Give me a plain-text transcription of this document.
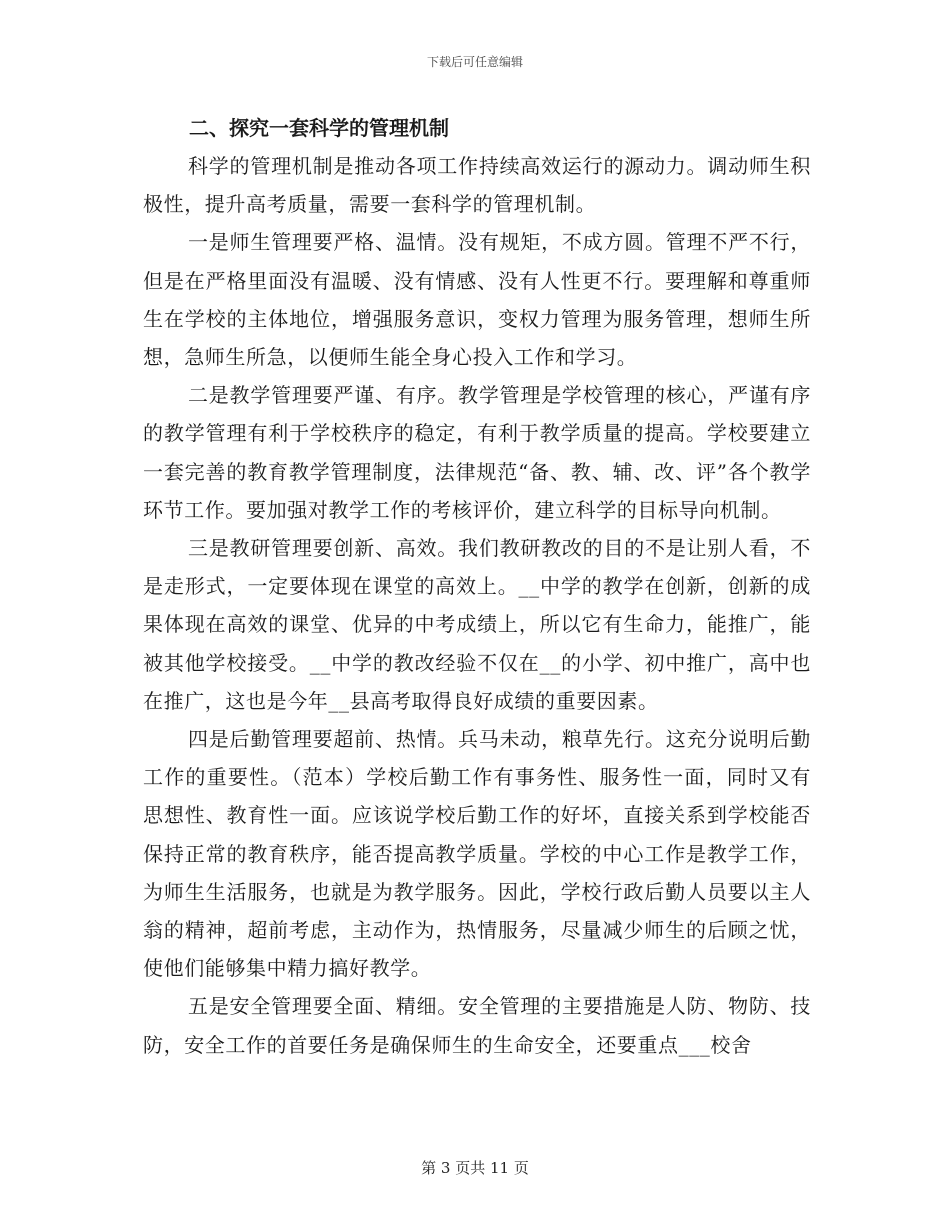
下载后可任意编辑
二、探究一套科学的管理机制

科学的管理机制是推动各项工作持续高效运行的源动力。调动师生积极性，提升高考质量，需要一套科学的管理机制。

一是师生管理要严格、温情。没有规矩，不成方圆。管理不严不行，但是在严格里面没有温暖、没有情感、没有人性更不行。要理解和尊重师生在学校的主体地位，增强服务意识，变权力管理为服务管理，想师生所想，急师生所急，以便师生能全身心投入工作和学习。

二是教学管理要严谨、有序。教学管理是学校管理的核心，严谨有序的教学管理有利于学校秩序的稳定，有利于教学质量的提高。学校要建立一套完善的教育教学管理制度，法律规范“备、教、辅、改、评”各个教学环节工作。要加强对教学工作的考核评价，建立科学的目标导向机制。

三是教研管理要创新、高效。我们教研教改的目的不是让别人看，不是走形式，一定要体现在课堂的高效上。__中学的教学在创新，创新的成果体现在高效的课堂、优异的中考成绩上，所以它有生命力，能推广，能被其他学校接受。__中学的教改经验不仅在__的小学、初中推广，高中也在推广，这也是今年__县高考取得良好成绩的重要因素。

四是后勤管理要超前、热情。兵马未动，粮草先行。这充分说明后勤工作的重要性。（范本）学校后勤工作有事务性、服务性一面，同时又有思想性、教育性一面。应该说学校后勤工作的好坏，直接关系到学校能否保持正常的教育秩序，能否提高教学质量。学校的中心工作是教学工作，为师生生活服务，也就是为教学服务。因此，学校行政后勤人员要以主人翁的精神，超前考虑，主动作为，热情服务，尽量减少师生的后顾之忧，使他们能够集中精力搞好教学。

五是安全管理要全面、精细。安全管理的主要措施是人防、物防、技防，安全工作的首要任务是确保师生的生命安全，还要重点___校舍

第 3 页共 11 页
